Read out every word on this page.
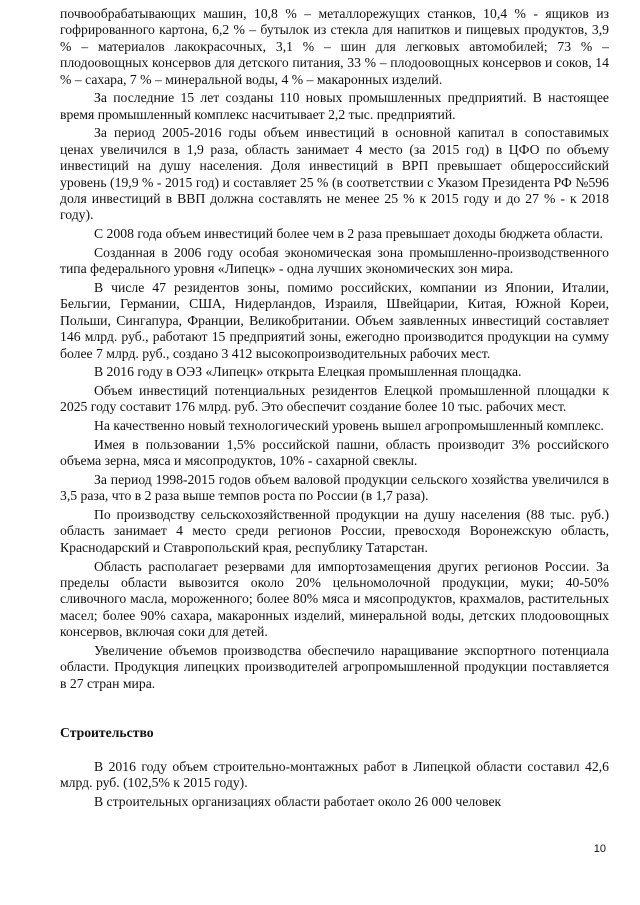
почвообрабатывающих машин, 10,8 % – металлорежущих станков, 10,4 % - ящиков из гофрированного картона, 6,2 % – бутылок из стекла для напитков и пищевых продуктов, 3,9 % – материалов лакокрасочных, 3,1 % – шин для легковых автомобилей; 73 % – плодоовощных консервов для детского питания, 33 % – плодоовощных консервов и соков, 14 % – сахара, 7 % – минеральной воды, 4 % – макаронных изделий.

За последние 15 лет созданы 110 новых промышленных предприятий. В настоящее время промышленный комплекс насчитывает 2,2 тыс. предприятий.

За период 2005-2016 годы объем инвестиций в основной капитал в сопоставимых ценах увеличился в 1,9 раза, область занимает 4 место (за 2015 год) в ЦФО по объему инвестиций на душу населения. Доля инвестиций в ВРП превышает общероссийский уровень (19,9 % - 2015 год) и составляет 25 % (в соответствии с Указом Президента РФ №596 доля инвестиций в ВВП должна составлять не менее 25 % к 2015 году и до 27 % - к 2018 году).

С 2008 года объем инвестиций более чем в 2 раза превышает доходы бюджета области.

Созданная в 2006 году особая экономическая зона промышленно-производственного типа федерального уровня «Липецк» - одна лучших экономических зон мира.

В числе 47 резидентов зоны, помимо российских, компании из Японии, Италии, Бельгии, Германии, США, Нидерландов, Израиля, Швейцарии, Китая, Южной Кореи, Польши, Сингапура, Франции, Великобритании. Объем заявленных инвестиций составляет 146 млрд. руб., работают 15 предприятий зоны, ежегодно производится продукции на сумму более 7 млрд. руб., создано 3 412 высокопроизводительных рабочих мест.

В 2016 году в ОЭЗ «Липецк» открыта Елецкая промышленная площадка.

Объем инвестиций потенциальных резидентов Елецкой промышленной площадки к 2025 году составит 176 млрд. руб. Это обеспечит создание более 10 тыс. рабочих мест.

На качественно новый технологический уровень вышел агропромышленный комплекс.

Имея в пользовании 1,5% российской пашни, область производит 3% российского объема зерна, мяса и мясопродуктов, 10% - сахарной свеклы.

За период 1998-2015 годов объем валовой продукции сельского хозяйства увеличился в 3,5 раза, что в 2 раза выше темпов роста по России (в 1,7 раза).

По производству сельскохозяйственной продукции на душу населения (88 тыс. руб.) область занимает 4 место среди регионов России, превосходя Воронежскую область, Краснодарский и Ставропольский края, республику Татарстан.

Область располагает резервами для импортозамещения других регионов России. За пределы области вывозится около 20% цельномолочной продукции, муки; 40-50% сливочного масла, мороженного; более 80% мяса и мясопродуктов, крахмалов, растительных масел; более 90% сахара, макаронных изделий, минеральной воды, детских плодоовощных консервов, включая соки для детей.

Увеличение объемов производства обеспечило наращивание экспортного потенциала области. Продукция липецких производителей агропромышленной продукции поставляется в 27 стран мира.

Строительство

В 2016 году объем строительно-монтажных работ в Липецкой области составил 42,6 млрд. руб. (102,5% к 2015 году).

В строительных организациях области работает около 26 000 человек

10
